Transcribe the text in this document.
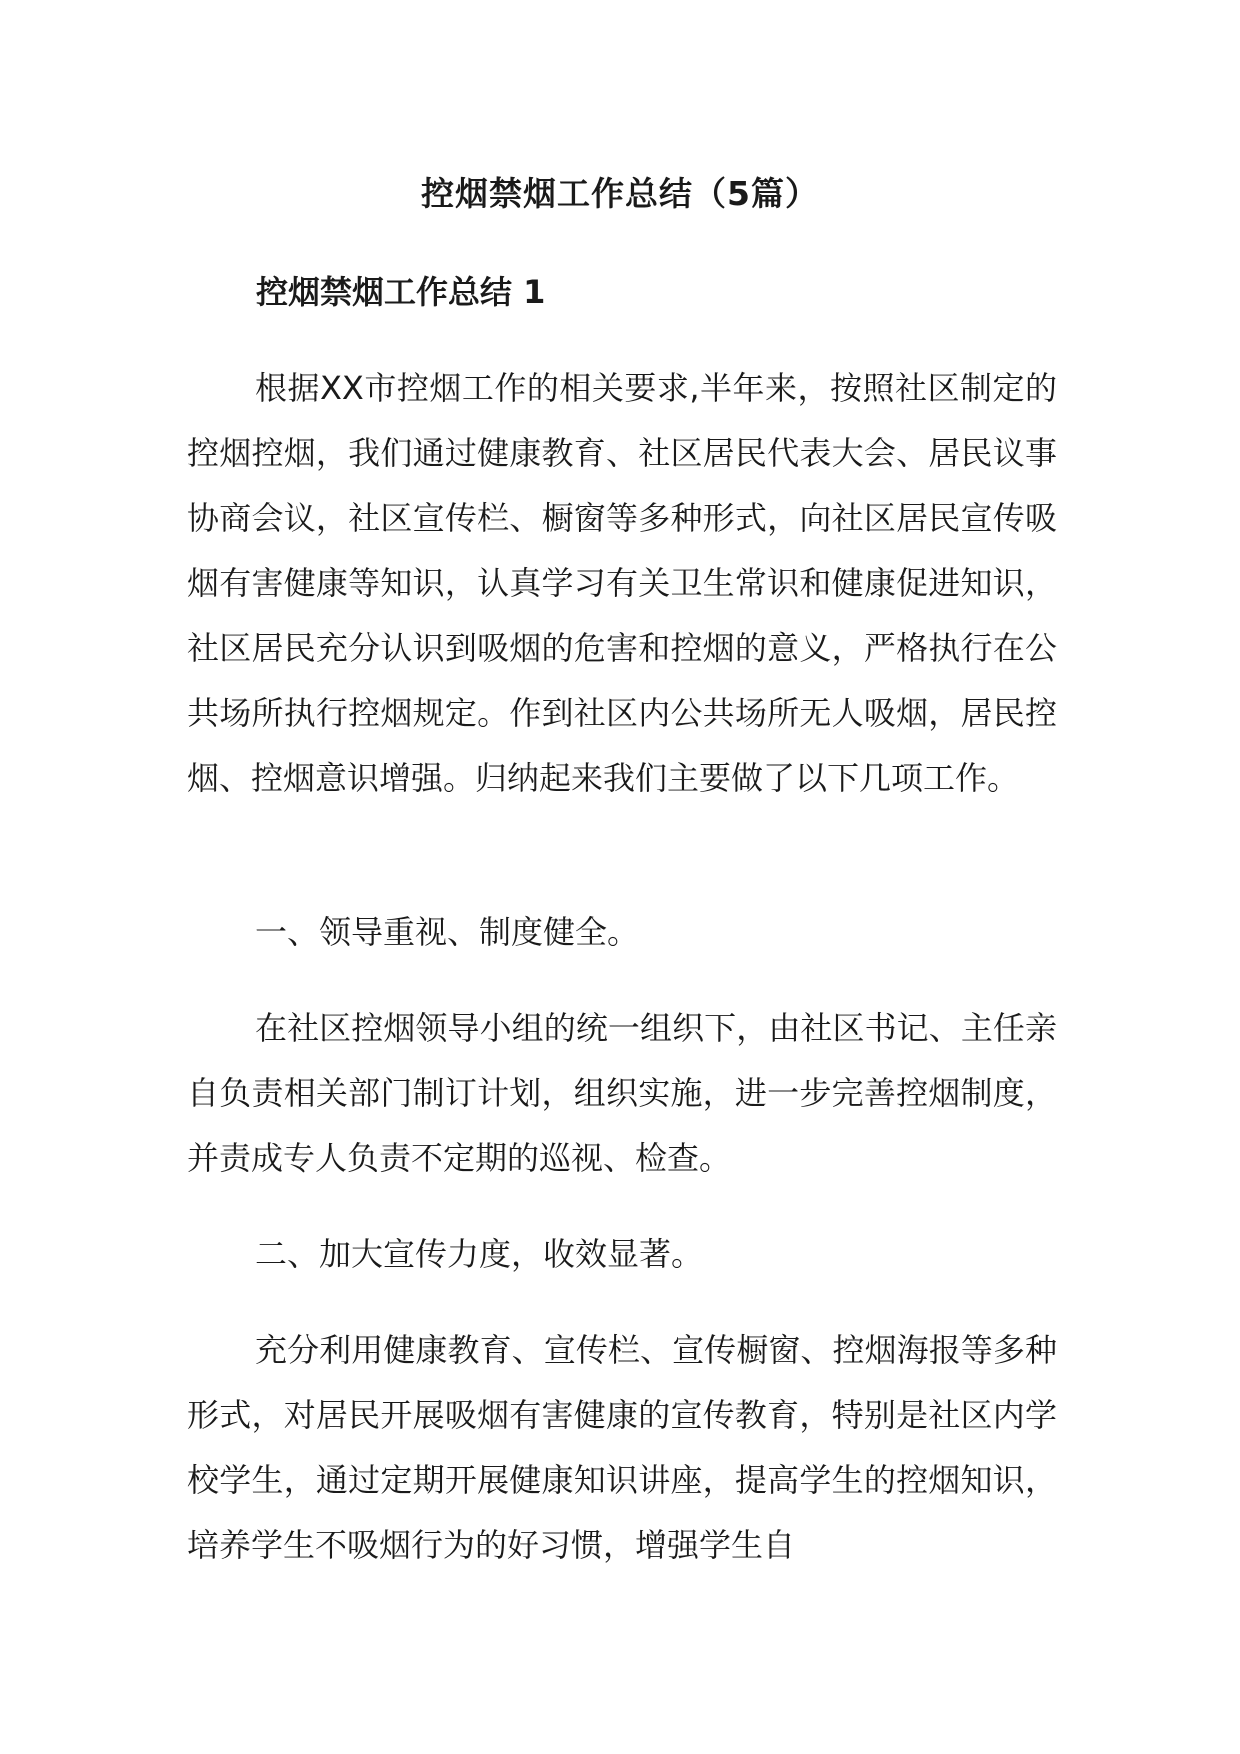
控烟禁烟工作总结（5篇）
控烟禁烟工作总结 1

根据XX市控烟工作的相关要求,半年来，按照社区制定的控烟控烟，我们通过健康教育、社区居民代表大会、居民议事协商会议，社区宣传栏、橱窗等多种形式，向社区居民宣传吸烟有害健康等知识，认真学习有关卫生常识和健康促进知识，社区居民充分认识到吸烟的危害和控烟的意义，严格执行在公共场所执行控烟规定。作到社区内公共场所无人吸烟，居民控烟、控烟意识增强。归纳起来我们主要做了以下几项工作。

一、领导重视、制度健全。

在社区控烟领导小组的统一组织下，由社区书记、主任亲自负责相关部门制订计划，组织实施，进一步完善控烟制度，并责成专人负责不定期的巡视、检查。

二、加大宣传力度，收效显著。

充分利用健康教育、宣传栏、宣传橱窗、控烟海报等多种形式，对居民开展吸烟有害健康的宣传教育，特别是社区内学校学生，通过定期开展健康知识讲座，提高学生的控烟知识，培养学生不吸烟行为的好习惯，增强学生自
